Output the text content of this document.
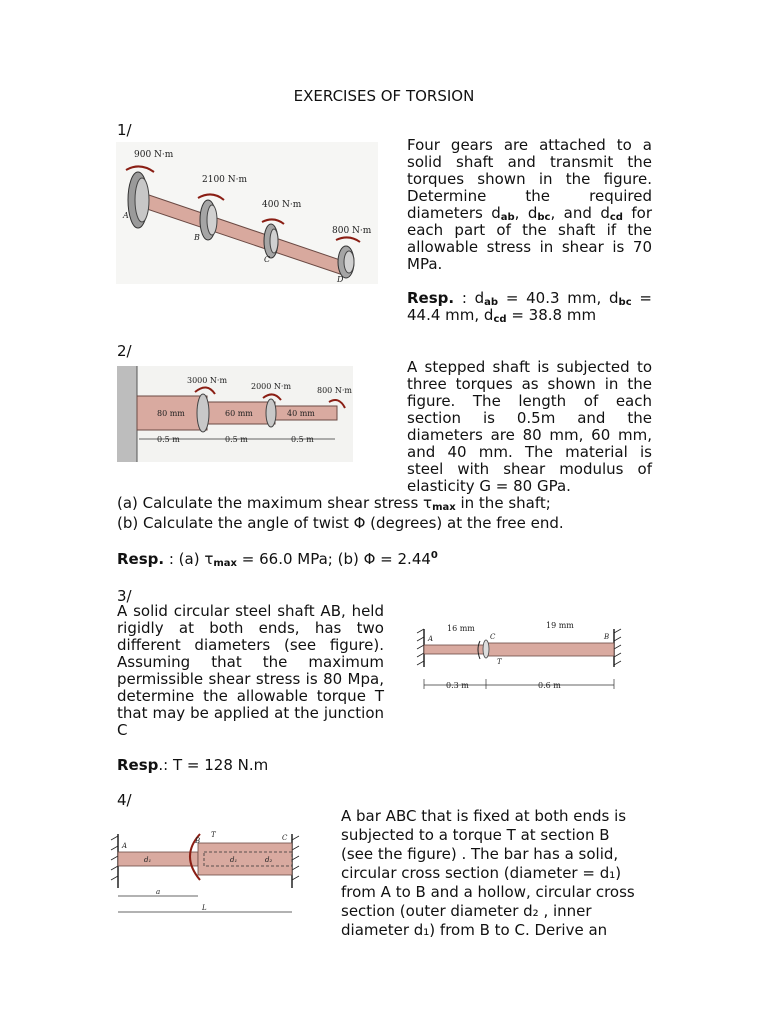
EXERCISES OF TORSION
1/
900 N·m
2100 N·m
400 N·m
800 N·m
A
B
C
D
Four gears are attached to a solid shaft and transmit the torques shown in the figure. Determine the required diameters $d_{ab}$, $d_{bc}$, and $d_{cd}$ for each part of the shaft if the allowable stress in shear is 70 MPa.
Resp. : $d_{ab} = 40.3$ mm, $d_{bc} = 44.4$ mm, $d_{cd} = 38.8$ mm
2/
3000 N·m
2000 N·m	800 N·m
80 mm	60 mm	40 mm
0.5 m	0.5 m	0.5 m
A stepped shaft is subjected to three torques as shown in the figure. The length of each section is 0.5m and the diameters are 80 mm, 60 mm, and 40 mm. The material is steel with shear modulus of elasticity G = 80 GPa.
(a) Calculate the maximum shear stress $\tau_{max}$ in the shaft;
(b) Calculate the angle of twist Φ (degrees) at the free end.
Resp. : (a) $\tau_{max} = 66.0$ MPa; (b) $\Phi = 2.44^0$
3/
A solid circular steel shaft AB, held rigidly at both ends, has two different diameters (see figure). Assuming that the maximum permissible shear stress is 80 Mpa, determine the allowable torque T that may be applied at the junction C
16 mm	19 mm
A	C
T
B
0.3 m	0.6 m
Resp.: T = 128 N.m
4/
A
B	C
T
d₁	d₁	d₂
a
L
A bar ABC that is fixed at both ends is
subjected to a torque T at section B
(see the figure) . The bar has a solid,
circular cross section (diameter = d₁)
from A to B and a hollow, circular cross
section (outer diameter d₂ , inner
diameter d₁) from B to C. Derive an
